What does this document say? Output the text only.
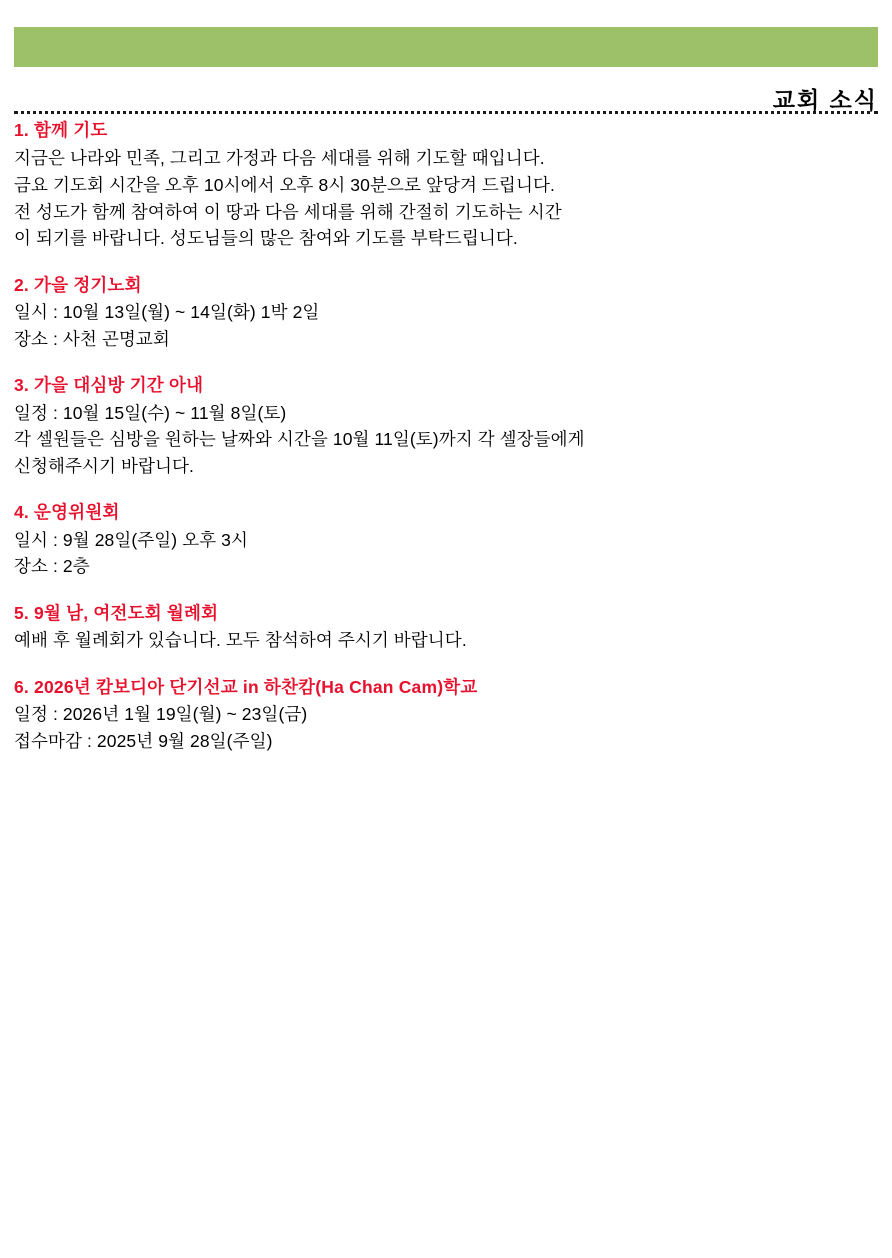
교회 소식

1. 함께 기도

지금은 나라와 민족, 그리고 가정과 다음 세대를 위해 기도할 때입니다.

금요 기도회 시간을 오후 10시에서 오후 8시 30분으로 앞당겨 드립니다.

전 성도가 함께 참여하여 이 땅과 다음 세대를 위해 간절히 기도하는 시간

이 되기를 바랍니다. 성도님들의 많은 참여와 기도를 부탁드립니다.

2. 가을 정기노회

일시 : 10월 13일(월) ~ 14일(화) 1박 2일

장소 : 사천 곤명교회

3. 가을 대심방 기간 아내

일정 : 10월 15일(수) ~ 11월 8일(토)

각 셀원들은 심방을 원하는 날짜와 시간을 10월 11일(토)까지 각 셀장들에게

신청해주시기 바랍니다.

4. 운영위원회

일시 : 9월 28일(주일) 오후 3시

장소 : 2층

5. 9월 남, 여전도회 월례회

예배 후 월례회가 있습니다. 모두 참석하여 주시기 바랍니다.

6. 2026년 캄보디아 단기선교 in 하찬캄(Ha Chan Cam)학교

일정 : 2026년 1월 19일(월) ~ 23일(금)

접수마감 : 2025년 9월 28일(주일)
